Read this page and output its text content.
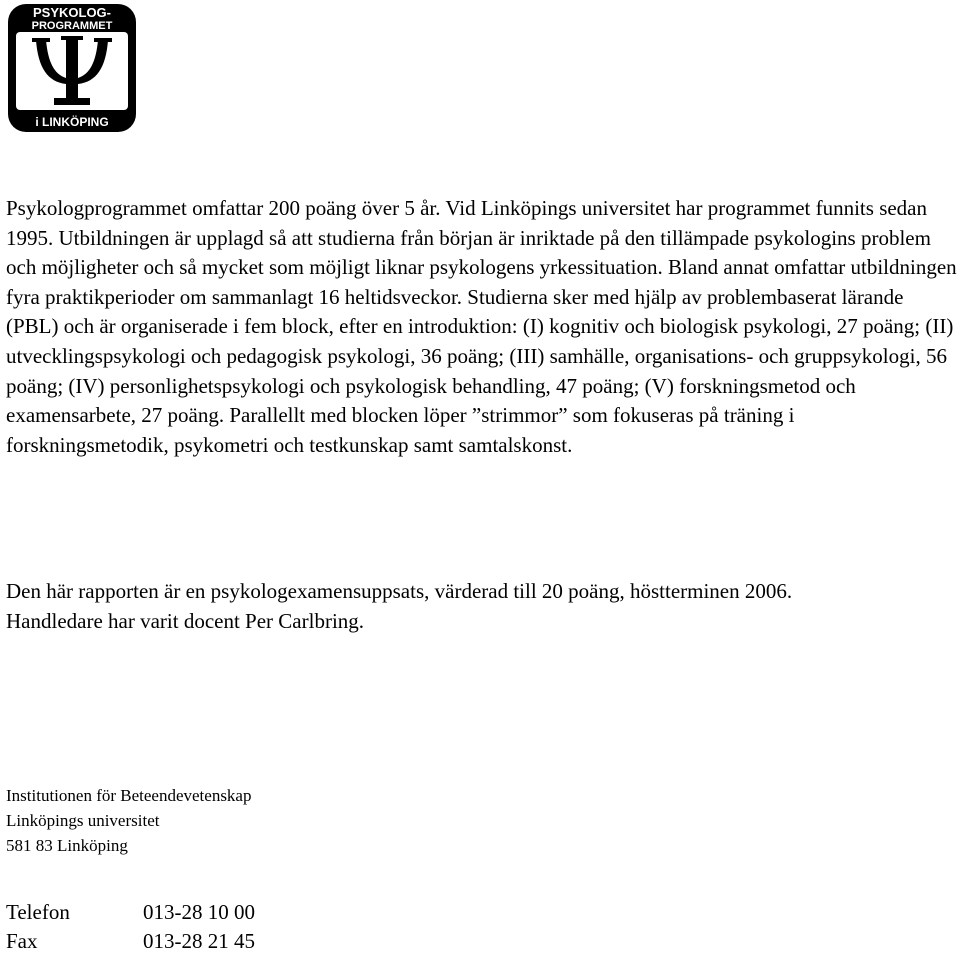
PSYKOLOG-
PROGRAMMET
i LINKÖPING

Psykologprogrammet omfattar 200 poäng över 5 år. Vid Linköpings universitet har programmet funnits sedan 1995. Utbildningen är upplagd så att studierna från början är inriktade på den tillämpade psykologins problem och möjligheter och så mycket som möjligt liknar psykologens yrkessituation. Bland annat omfattar utbildningen fyra praktikperioder om sammanlagt 16 heltidsveckor. Studierna sker med hjälp av problembaserat lärande (PBL) och är organiserade i fem block, efter en introduktion: (I) kognitiv och biologisk psykologi, 27 poäng; (II) utvecklingspsykologi och pedagogisk psykologi, 36 poäng; (III) samhälle, organisations- och gruppsykologi, 56 poäng; (IV) personlighetspsykologi och psykologisk behandling, 47 poäng; (V) forskningsmetod och examensarbete, 27 poäng. Parallellt med blocken löper ”strimmor” som fokuseras på träning i forskningsmetodik, psykometri och testkunskap samt samtalskonst.

Den här rapporten är en psykologexamensuppsats, värderad till 20 poäng, höstterminen 2006.
Handledare har varit docent Per Carlbring.
Institutionen för Beteendevetenskap
Linköpings universitet
581 83 Linköping
Telefon	013-28 10 00
Fax	013-28 21 45
